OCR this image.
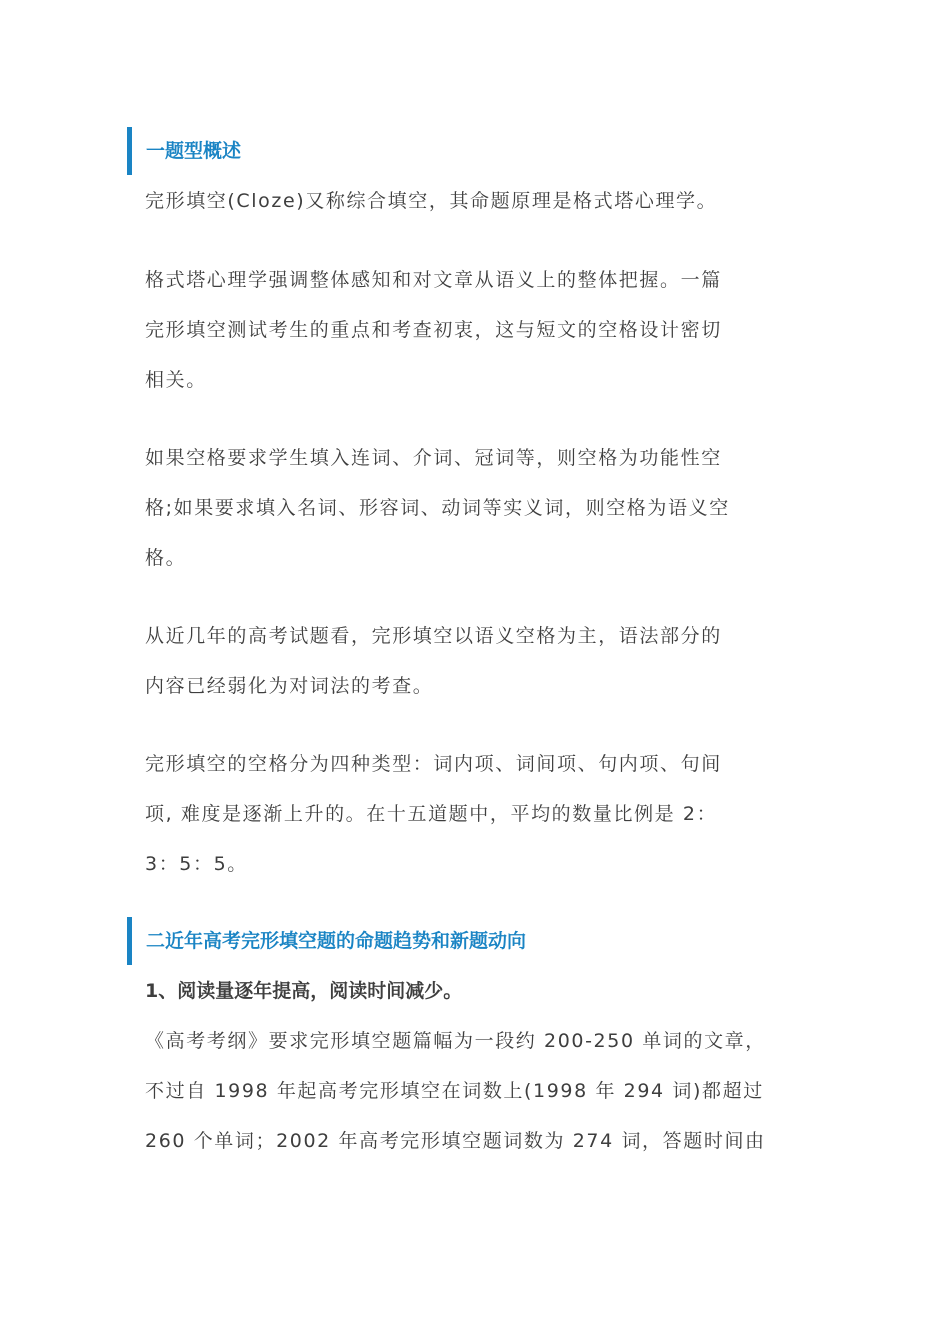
一题型概述

完形填空(Cloze)又称综合填空，其命题原理是格式塔心理学。

格式塔心理学强调整体感知和对文章从语义上的整体把握。一篇
完形填空测试考生的重点和考查初衷，这与短文的空格设计密切
相关。

如果空格要求学生填入连词、介词、冠词等，则空格为功能性空
格;如果要求填入名词、形容词、动词等实义词，则空格为语义空
格。

从近几年的高考试题看，完形填空以语义空格为主，语法部分的
内容已经弱化为对词法的考查。

完形填空的空格分为四种类型：词内项、词间项、句内项、句间
项, 难度是逐渐上升的。在十五道题中，平均的数量比例是 2：
3：5：5。

二近年高考完形填空题的命题趋势和新题动向
1、阅读量逐年提高，阅读时间减少。

《高考考纲》要求完形填空题篇幅为一段约 200-250 单词的文章，
不过自 1998 年起高考完形填空在词数上(1998 年 294 词)都超过
260 个单词；2002 年高考完形填空题词数为 274 词，答题时间由
